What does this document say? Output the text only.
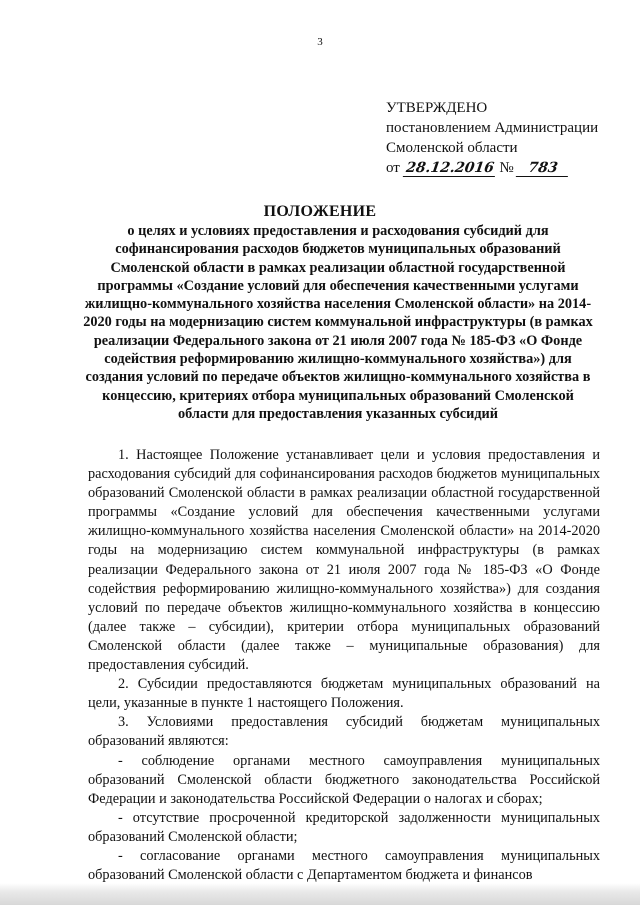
3
УТВЕРЖДЕНО
постановлением Администрации
Смоленской области
от 28.12.2016 № 783
ПОЛОЖЕНИЕ
о целях и условиях предоставления и расходования субсидий для софинансирования расходов бюджетов муниципальных образований Смоленской области в рамках реализации областной государственной программы «Создание условий для обеспечения качественными услугами жилищно-коммунального хозяйства населения Смоленской области» на 2014-2020 годы на модернизацию систем коммунальной инфраструктуры (в рамках реализации Федерального закона от 21 июля 2007 года № 185-ФЗ «О Фонде содействия реформированию жилищно-коммунального хозяйства») для создания условий по передаче объектов жилищно-коммунального хозяйства в концессию, критериях отбора муниципальных образований Смоленской области для предоставления указанных субсидий

1. Настоящее Положение устанавливает цели и условия предоставления и расходования субсидий для софинансирования расходов бюджетов муниципальных образований Смоленской области в рамках реализации областной государственной программы «Создание условий для обеспечения качественными услугами жилищно-коммунального хозяйства населения Смоленской области» на 2014-2020 годы на модернизацию систем коммунальной инфраструктуры (в рамках реализации Федерального закона от 21 июля 2007 года № 185-ФЗ «О Фонде содействия реформированию жилищно-коммунального хозяйства») для создания условий по передаче объектов жилищно-коммунального хозяйства в концессию (далее также – субсидии), критерии отбора муниципальных образований Смоленской области (далее также – муниципальные образования) для предоставления субсидий.

2. Субсидии предоставляются бюджетам муниципальных образований на цели, указанные в пункте 1 настоящего Положения.

3. Условиями предоставления субсидий бюджетам муниципальных образований являются:

- соблюдение органами местного самоуправления муниципальных образований Смоленской области бюджетного законодательства Российской Федерации и законодательства Российской Федерации о налогах и сборах;

- отсутствие просроченной кредиторской задолженности муниципальных образований Смоленской области;

- согласование органами местного самоуправления муниципальных образований Смоленской области с Департаментом бюджета и финансов
